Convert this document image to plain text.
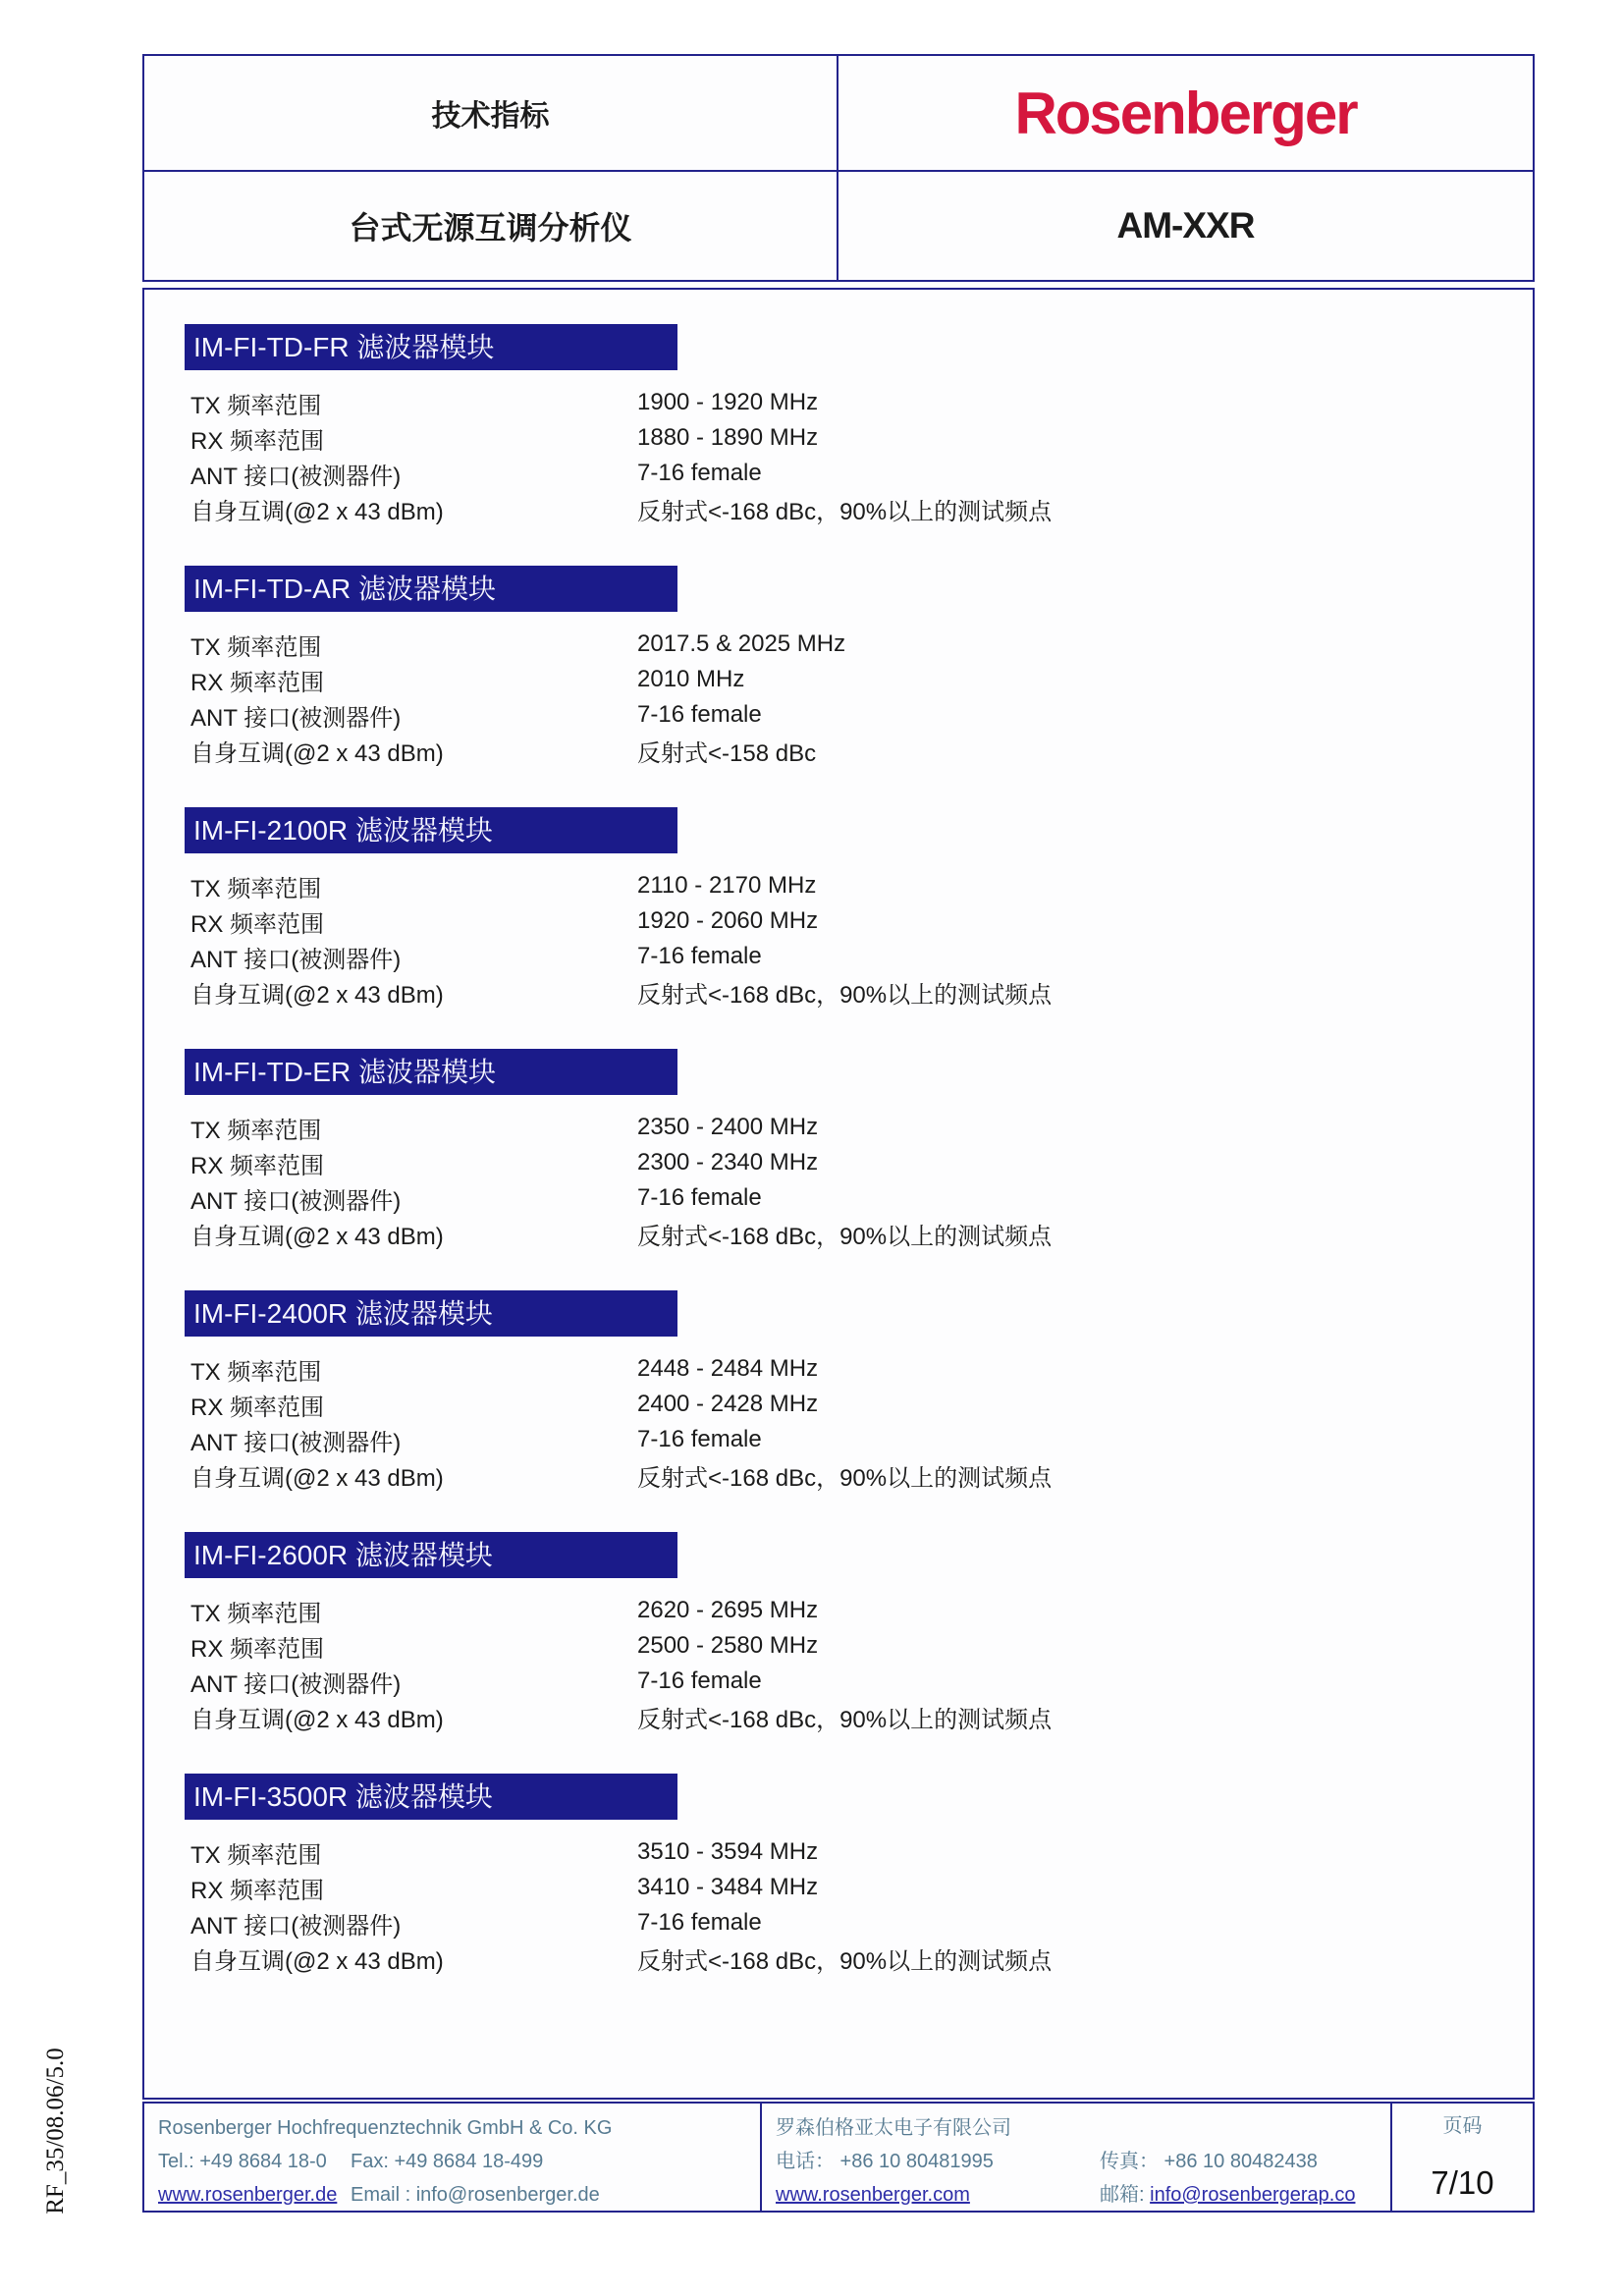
RF_35/08.06/5.0
技术指标	Rosenberger
台式无源互调分析仪	AM-XXR
IM-FI-TD-FR 滤波器模块
TX 频率范围	1900 - 1920 MHz
RX 频率范围	1880 - 1890 MHz
ANT 接口(被测器件)	7-16 female
自身互调(@2 x 43 dBm)	反射式<-168 dBc，90%以上的测试频点
IM-FI-TD-AR 滤波器模块
TX 频率范围	2017.5 & 2025 MHz
RX 频率范围	2010 MHz
ANT 接口(被测器件)	7-16 female
自身互调(@2 x 43 dBm)	反射式<-158 dBc
IM-FI-2100R 滤波器模块
TX 频率范围	2110 - 2170 MHz
RX 频率范围	1920 - 2060 MHz
ANT 接口(被测器件)	7-16 female
自身互调(@2 x 43 dBm)	反射式<-168 dBc，90%以上的测试频点
IM-FI-TD-ER 滤波器模块
TX 频率范围	2350 - 2400 MHz
RX 频率范围	2300 - 2340 MHz
ANT 接口(被测器件)	7-16 female
自身互调(@2 x 43 dBm)	反射式<-168 dBc，90%以上的测试频点
IM-FI-2400R 滤波器模块
TX 频率范围	2448 - 2484 MHz
RX 频率范围	2400 - 2428 MHz
ANT 接口(被测器件)	7-16 female
自身互调(@2 x 43 dBm)	反射式<-168 dBc，90%以上的测试频点
IM-FI-2600R 滤波器模块
TX 频率范围	2620 - 2695 MHz
RX 频率范围	2500 - 2580 MHz
ANT 接口(被测器件)	7-16 female
自身互调(@2 x 43 dBm)	反射式<-168 dBc，90%以上的测试频点
IM-FI-3500R 滤波器模块
TX 频率范围	3510 - 3594 MHz
RX 频率范围	3410 - 3484 MHz
ANT 接口(被测器件)	7-16 female
自身互调(@2 x 43 dBm)	反射式<-168 dBc，90%以上的测试频点
Rosenberger Hochfrequenztechnik GmbH & Co. KG
Tel.: +49 8684 18-0 Fax: +49 8684 18-499
www.rosenberger.de Email : info@rosenberger.de
罗森伯格亚太电子有限公司
电话： +86 10 80481995	传真： +86 10 80482438
www.rosenberger.com	邮箱: info@rosenbergerap.co
页码
7/10
